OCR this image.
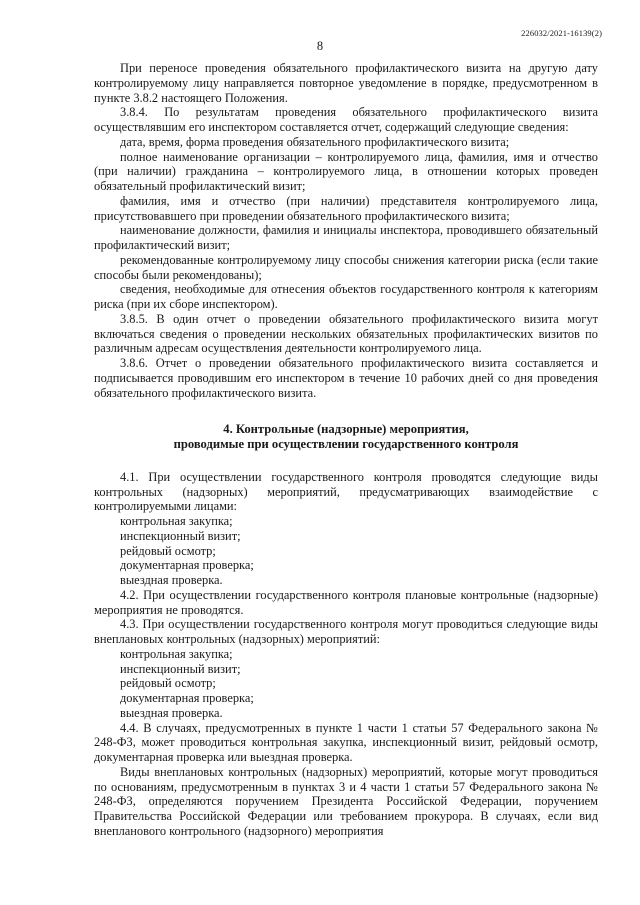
226032/2021-16139(2)
8

При переносе проведения обязательного профилактического визита на другую дату контролируемому лицу направляется повторное уведомление в порядке, предусмотренном в пункте 3.8.2 настоящего Положения.

3.8.4. По результатам проведения обязательного профилактического визита осуществлявшим его инспектором составляется отчет, содержащий следующие сведения:

дата, время, форма проведения обязательного профилактического визита;

полное наименование организации – контролируемого лица, фамилия, имя и отчество (при наличии) гражданина – контролируемого лица, в отношении которых проведен обязательный профилактический визит;

фамилия, имя и отчество (при наличии) представителя контролируемого лица, присутствовавшего при проведении обязательного профилактического визита;

наименование должности, фамилия и инициалы инспектора, проводившего обязательный профилактический визит;

рекомендованные контролируемому лицу способы снижения категории риска (если такие способы были рекомендованы);

сведения, необходимые для отнесения объектов государственного контроля к категориям риска (при их сборе инспектором).

3.8.5. В один отчет о проведении обязательного профилактического визита могут включаться сведения о проведении нескольких обязательных профилактических визитов по различным адресам осуществления деятельности контролируемого лица.

3.8.6. Отчет о проведении обязательного профилактического визита составляется и подписывается проводившим его инспектором в течение 10 рабочих дней со дня проведения обязательного профилактического визита.

4. Контрольные (надзорные) мероприятия,

проводимые при осуществлении государственного контроля

4.1. При осуществлении государственного контроля проводятся следующие виды контрольных (надзорных) мероприятий, предусматривающих взаимодействие с контролируемыми лицами:

контрольная закупка;

инспекционный визит;

рейдовый осмотр;

документарная проверка;

выездная проверка.

4.2. При осуществлении государственного контроля плановые контрольные (надзорные) мероприятия не проводятся.

4.3. При осуществлении государственного контроля могут проводиться следующие виды внеплановых контрольных (надзорных) мероприятий:

контрольная закупка;

инспекционный визит;

рейдовый осмотр;

документарная проверка;

выездная проверка.

4.4. В случаях, предусмотренных в пункте 1 части 1 статьи 57 Федерального закона № 248-ФЗ, может проводиться контрольная закупка, инспекционный визит, рейдовый осмотр, документарная проверка или выездная проверка.

Виды внеплановых контрольных (надзорных) мероприятий, которые могут проводиться по основаниям, предусмотренным в пунктах 3 и 4 части 1 статьи 57 Федерального закона № 248-ФЗ, определяются поручением Президента Российской Федерации, поручением Правительства Российской Федерации или требованием прокурора. В случаях, если вид внепланового контрольного (надзорного) мероприятия
